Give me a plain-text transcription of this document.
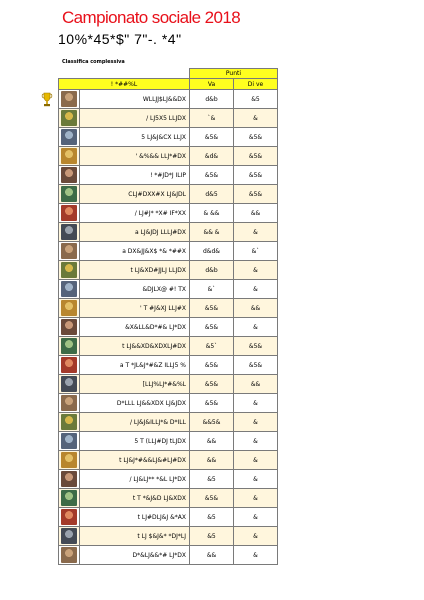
Campionato sociale 2018
10%*45*$" 7"-. *4"
Classifica complessiva
		Punti	
! *##%L		Va	Di ve

	WLLJJ$LJ&&DX	d&b	&5

	/ LJ5X5 LLJDX	`&	&

	5 LJ&J&CX LLJX	&5&	&5&

	' &%&& LLJ*#DX	&d&	&5&

	! *#JD*J ILIP	&5&	&5&

	CLJ#DXX#X LJ&JDL	d&5	&5&

	/ LJ#J* *X# IF*XX	& &&	&&

	a LJ&JDJ LLLJ#DX	&& &	&

	a DX&JJ&X$ *& *##X	d&d&	&`

	t LJ&XD#JJLJ LLJDX	d&b	&

	&DJLX@ #! TX	&`	&

	' T #J&XJ LLJ#X	&5&	&&

	&X&LL&D*#& LJ*DX	&5&	&

	t LJ&&XD&XDXLJ#DX	&5`	&5&

	a T *JL&J*#&Z ILLJ5 %	&5&	&5&

	[LLJ%LJ*#&%L	&5&	&&

	D*LLL LJ&&XDX LJ&JDX	&5&	&

	/ LJ&J&ILLJ*& D*ILL	&&5&	&

	5 T (LLJ#DJ tLJDX	&&	&

	t LJ&J*#&&LJ&#LJ#DX	&&	&

	/ LJ&LJ** *&L LJ*DX	&5	&

	t T *&J&D LJ&XDX	&5&	&

	t LJ#DLJ&J &*AX	&5	&

	t LJ $&J&* *DJ*LJ	&5	&

	D*&LJ&&*# LJ*DX	&&	&
